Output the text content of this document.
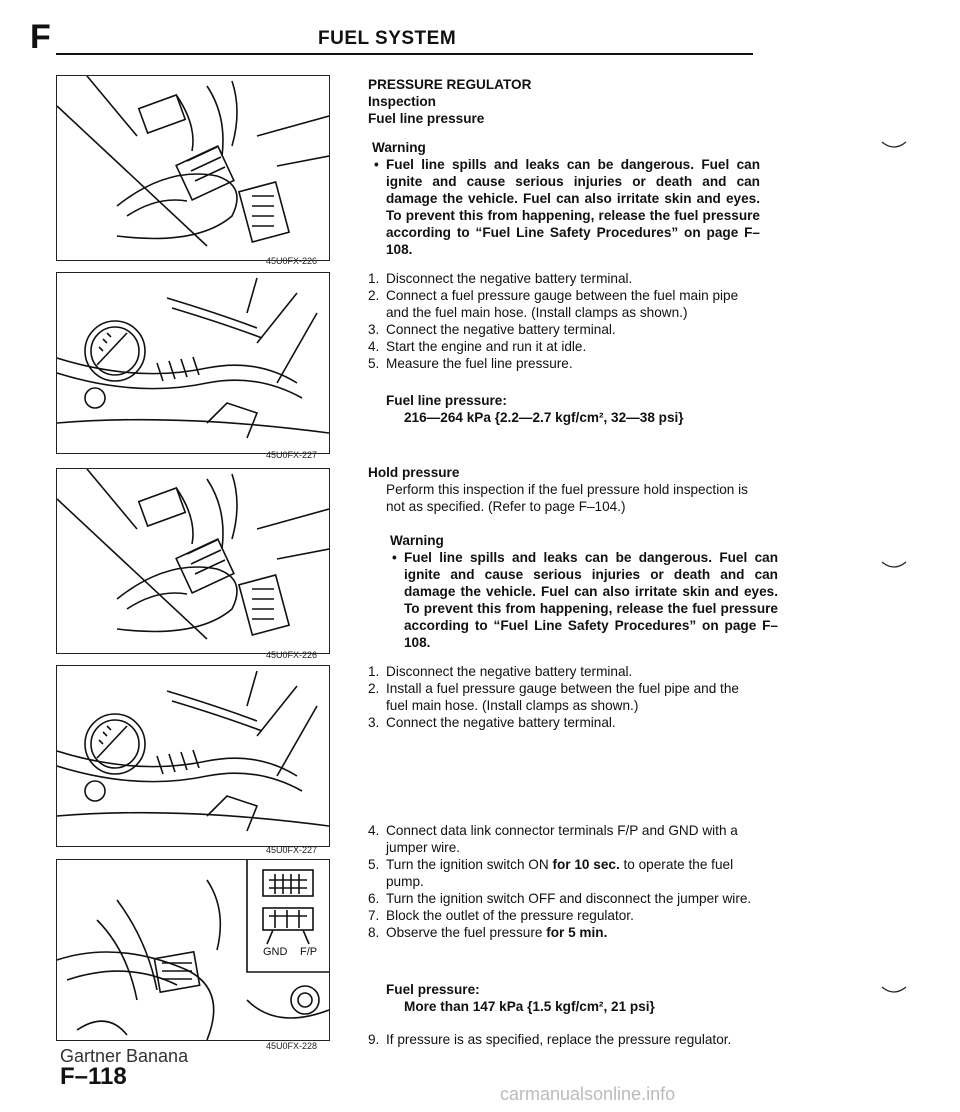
F	FUEL SYSTEM
45U0FX-226
45U0FX-227
45U0FX-226
45U0FX-227
GND F/P
45U0FX-228

PRESSURE REGULATOR

Inspection

Fuel line pressure

Warning

• Fuel line spills and leaks can be dangerous. Fuel can ignite and cause serious injuries or death and can damage the vehicle. Fuel can also irritate skin and eyes. To prevent this from happening, release the fuel pressure according to “Fuel Line Safety Procedures” on page F–108.
1. Disconnect the negative battery terminal.
2. Connect a fuel pressure gauge between the fuel main pipe and the fuel main hose. (Install clamps as shown.)
3. Connect the negative battery terminal.
4. Start the engine and run it at idle.
5. Measure the fuel line pressure.
Fuel line pressure:
216—264 kPa {2.2—2.7 kgf/cm², 32—38 psi}

Hold pressure

Perform this inspection if the fuel pressure hold inspection is not as specified. (Refer to page F–104.)

Warning

• Fuel line spills and leaks can be dangerous. Fuel can ignite and cause serious injuries or death and can damage the vehicle. Fuel can also irritate skin and eyes. To prevent this from happening, release the fuel pressure according to “Fuel Line Safety Procedures” on page F–108.
1. Disconnect the negative battery terminal.
2. Install a fuel pressure gauge between the fuel pipe and the fuel main hose. (Install clamps as shown.)
3. Connect the negative battery terminal.
4. Connect data link connector terminals F/P and GND with a jumper wire.
5. Turn the ignition switch ON for 10 sec. to operate the fuel pump.
6. Turn the ignition switch OFF and disconnect the jumper wire.
7. Block the outlet of the pressure regulator.
8. Observe the fuel pressure for 5 min.
Fuel pressure:
More than 147 kPa {1.5 kgf/cm², 21 psi}
9. If pressure is as specified, replace the pressure regulator.
Gartner Banana
F–118
carmanualsonline.info
